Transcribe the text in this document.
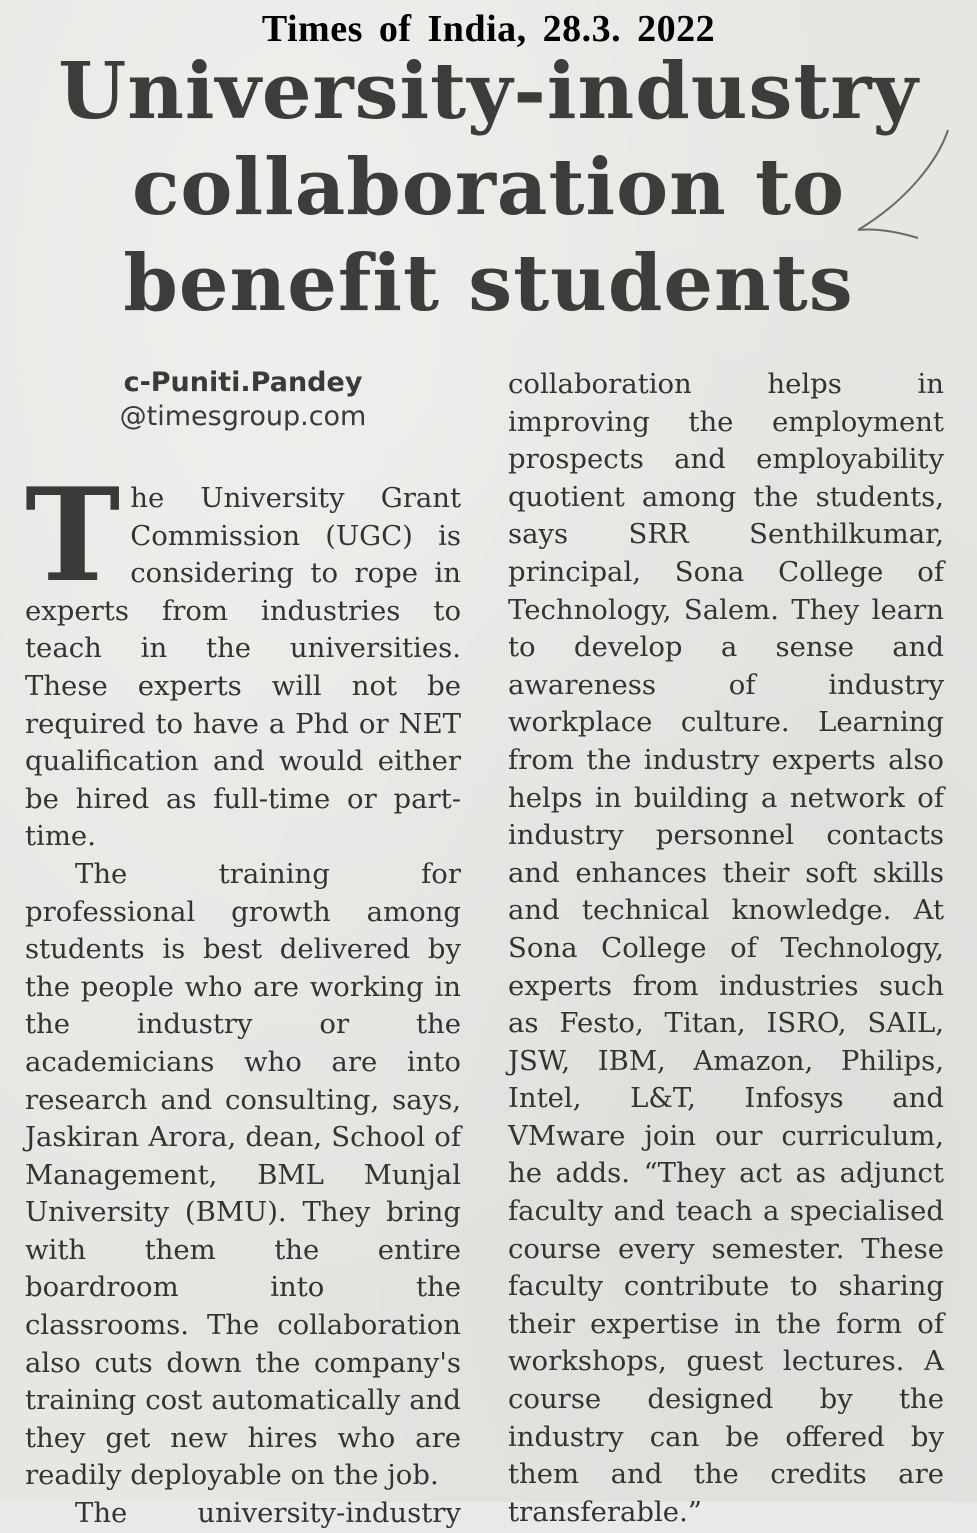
Times of India, 28.3. 2022
University-industry
collaboration to
benefit students
c-Puniti.Pandey
@timesgroup.com

The University Grant Commission (UGC) is considering to rope in experts from industries to teach in the universities. These experts will not be required to have a Phd or NET qualification and would either be hired as full-time or part-time.

The training for professional growth among students is best delivered by the people who are working in the industry or the academicians who are into research and consulting, says, Jaskiran Arora, dean, School of Management, BML Munjal University (BMU). They bring with them the entire boardroom into the classrooms. The collaboration also cuts down the company's training cost automatically and they get new hires who are readily deployable on the job.

The university-industry

collaboration helps in improving the employment prospects and employability quotient among the students, says SRR Senthilkumar, principal, Sona College of Technology, Salem. They learn to develop a sense and awareness of industry workplace culture. Learning from the industry experts also helps in building a network of industry personnel contacts and enhances their soft skills and technical knowledge. At Sona College of Technology, experts from industries such as Festo, Titan, ISRO, SAIL, JSW, IBM, Amazon, Philips, Intel, L&T, Infosys and VMware join our curriculum, he adds. “They act as adjunct faculty and teach a specialised course every semester. These faculty contribute to sharing their expertise in the form of workshops, guest lectures. A course designed by the industry can be offered by them and the credits are transferable.”
